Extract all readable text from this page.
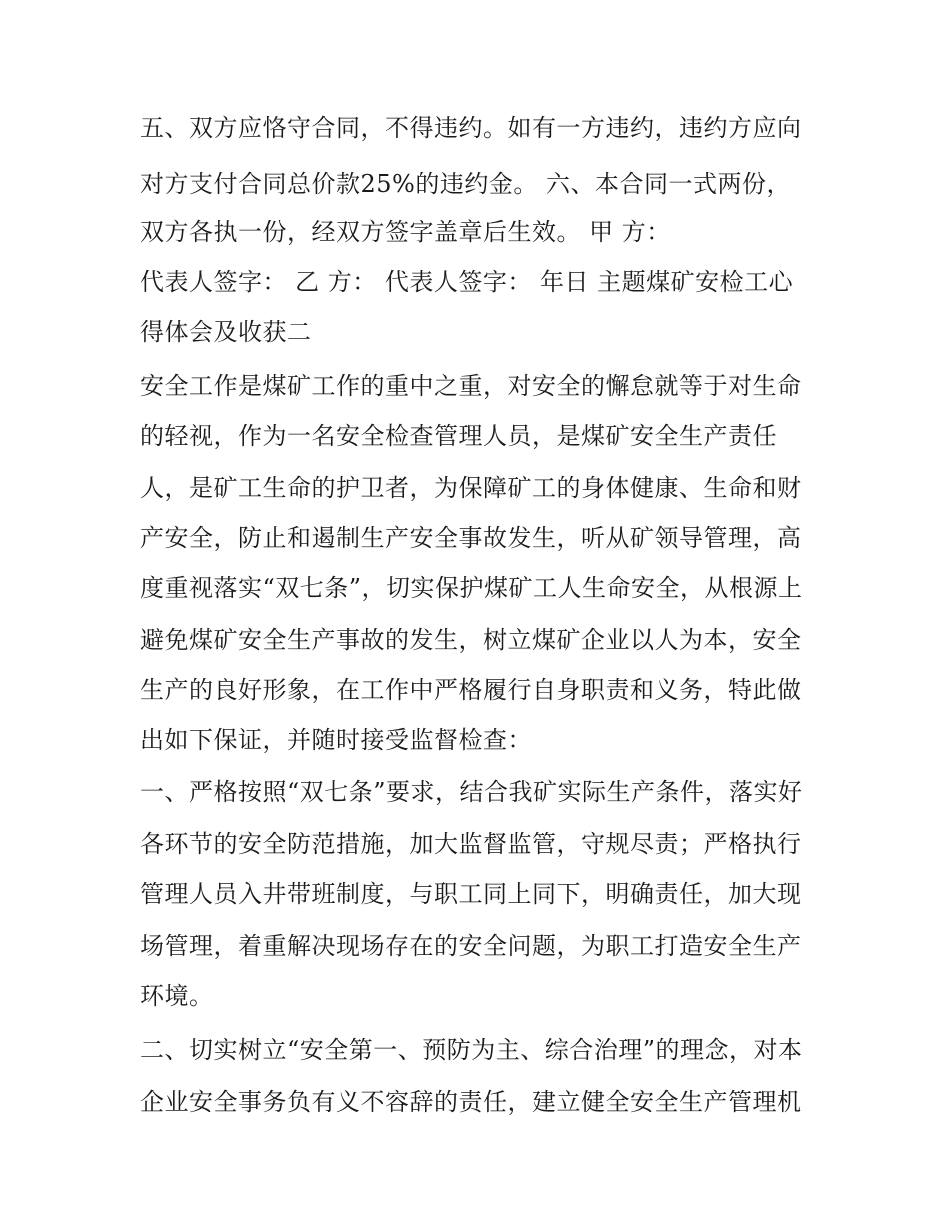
五、双方应恪守合同，不得违约。如有一方违约，违约方应向
对方支付合同总价款25%的违约金。 六、本合同一式两份，
双方各执一份，经双方签字盖章后生效。 甲 方：
代表人签字： 乙 方： 代表人签字： 年日 主题煤矿安检工心
得体会及收获二
安全工作是煤矿工作的重中之重，对安全的懈怠就等于对生命
的轻视，作为一名安全检查管理人员，是煤矿安全生产责任
人，是矿工生命的护卫者，为保障矿工的身体健康、生命和财
产安全，防止和遏制生产安全事故发生，听从矿领导管理，高
度重视落实“双七条”，切实保护煤矿工人生命安全，从根源上
避免煤矿安全生产事故的发生，树立煤矿企业以人为本，安全
生产的良好形象，在工作中严格履行自身职责和义务，特此做
出如下保证，并随时接受监督检查：
一、严格按照“双七条”要求，结合我矿实际生产条件，落实好
各环节的安全防范措施，加大监督监管，守规尽责；严格执行
管理人员入井带班制度，与职工同上同下，明确责任，加大现
场管理，着重解决现场存在的安全问题，为职工打造安全生产
环境。
二、切实树立“安全第一、预防为主、综合治理”的理念，对本
企业安全事务负有义不容辞的责任，建立健全安全生产管理机
